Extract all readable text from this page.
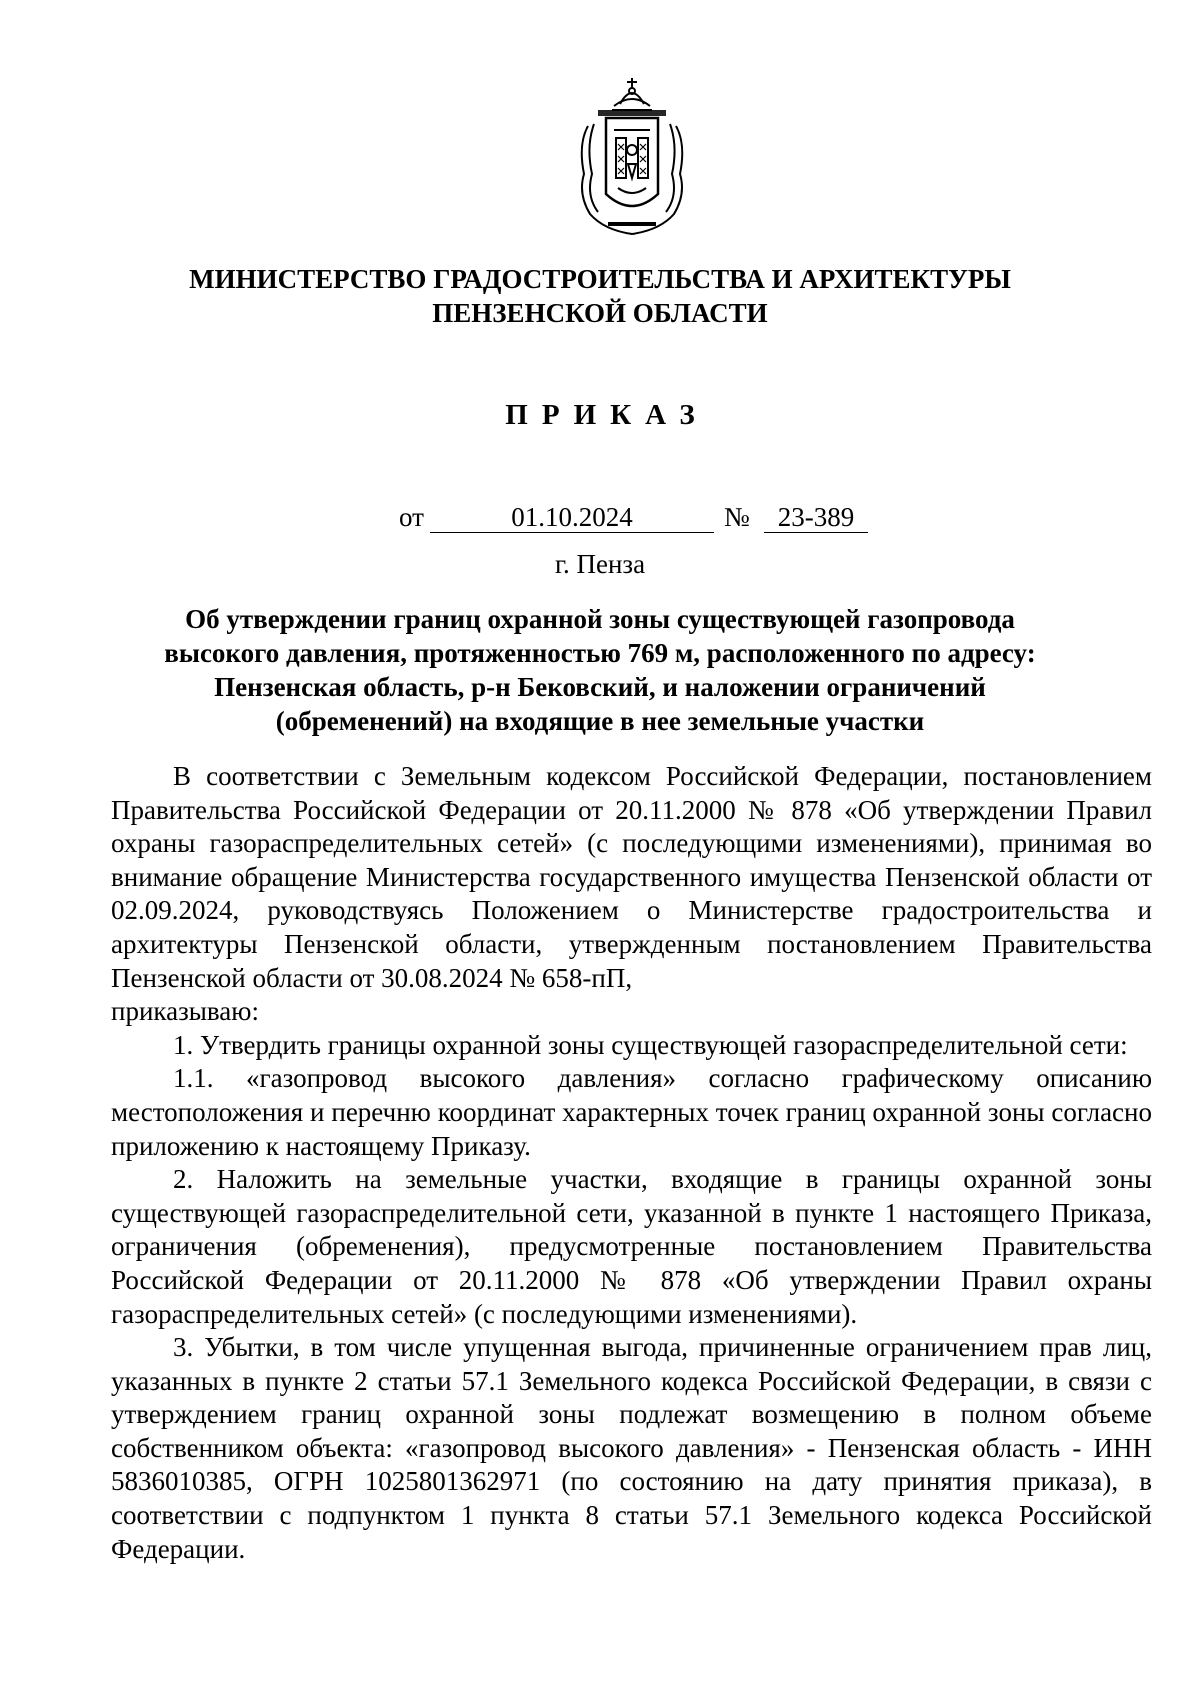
МИНИСТЕРСТВО ГРАДОСТРОИТЕЛЬСТВА И АРХИТЕКТУРЫ
ПЕНЗЕНСКОЙ ОБЛАСТИ
ПРИКАЗ
от	01.10.2024	№	23-389
г. Пенза
Об утверждении границ охранной зоны существующей газопровода
высокого давления, протяженностью 769 м, расположенного по адресу:
Пензенская область, р-н Бековский, и наложении ограничений
(обременений) на входящие в нее земельные участки

В соответствии с Земельным кодексом Российской Федерации, постановлением Правительства Российской Федерации от 20.11.2000 № 878 «Об утверждении Правил охраны газораспределительных сетей» (с последующими изменениями), принимая во внимание обращение Министерства государственного имущества Пензенской области от 02.09.2024, руководствуясь Положением о Министерстве градостроительства и архитектуры Пензенской области, утвержденным постановлением Правительства Пензенской области от 30.08.2024 № 658-пП,

приказываю:

1. Утвердить границы охранной зоны существующей газораспределительной сети:

1.1. «газопровод высокого давления» согласно графическому описанию местоположения и перечню координат характерных точек границ охранной зоны согласно приложению к настоящему Приказу.

2. Наложить на земельные участки, входящие в границы охранной зоны существующей газораспределительной сети, указанной в пункте 1 настоящего Приказа, ограничения (обременения), предусмотренные постановлением Правительства Российской Федерации от 20.11.2000 № 878 «Об утверждении Правил охраны газораспределительных сетей» (с последующими изменениями).

3. Убытки, в том числе упущенная выгода, причиненные ограничением прав лиц, указанных в пункте 2 статьи 57.1 Земельного кодекса Российской Федерации, в связи с утверждением границ охранной зоны подлежат возмещению в полном объеме собственником объекта: «газопровод высокого давления» - Пензенская область - ИНН 5836010385, ОГРН 1025801362971 (по состоянию на дату принятия приказа), в соответствии с подпунктом 1 пункта 8 статьи 57.1 Земельного кодекса Российской Федерации.
